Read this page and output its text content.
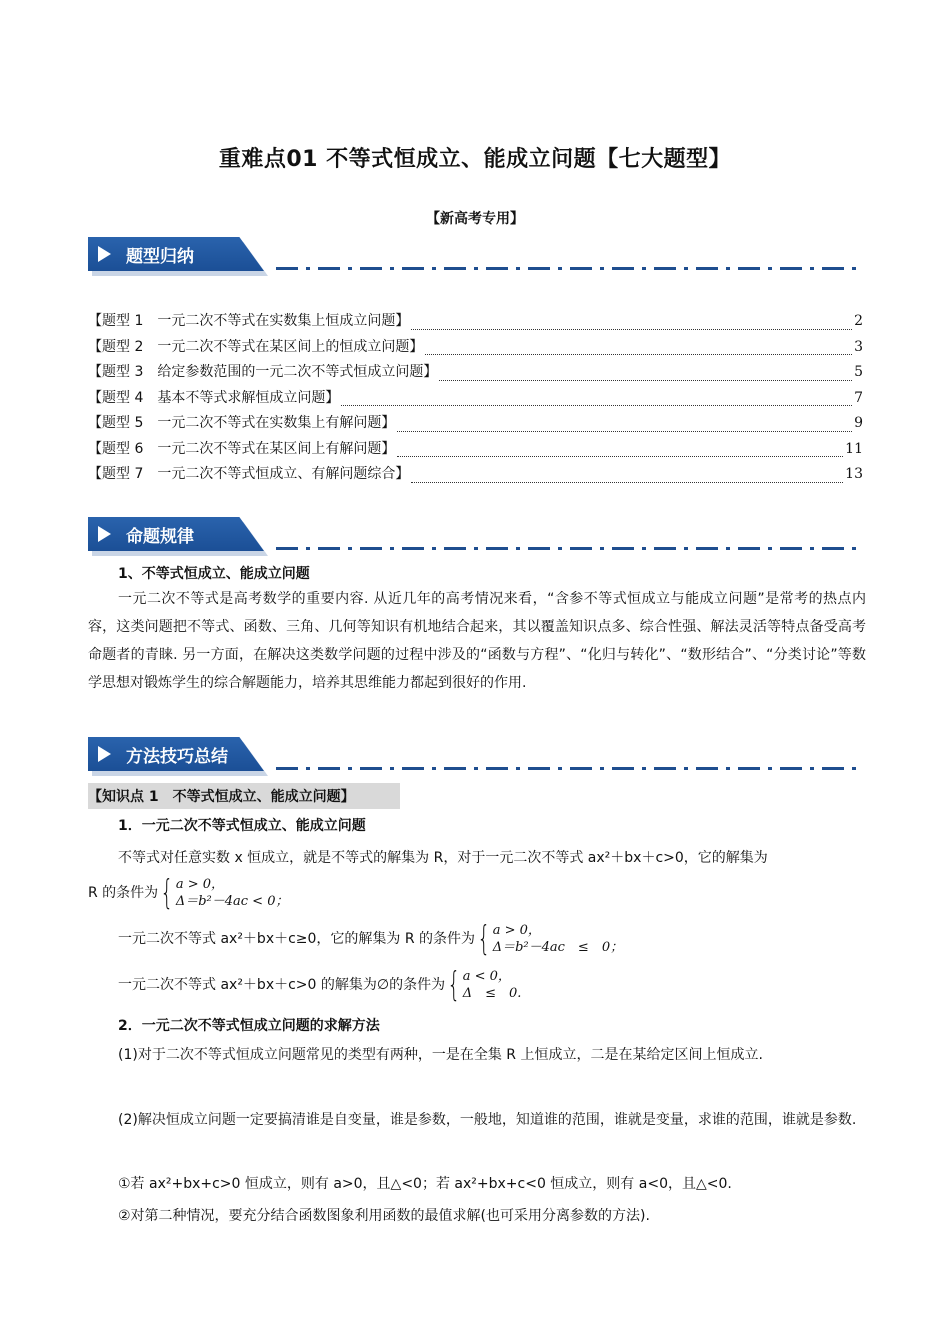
重难点01 不等式恒成立、能成立问题【七大题型】
【新高考专用】
题型归纳
【题型 1　一元二次不等式在实数集上恒成立问题】	2
【题型 2　一元二次不等式在某区间上的恒成立问题】	3
【题型 3　给定参数范围的一元二次不等式恒成立问题】	5
【题型 4　基本不等式求解恒成立问题】	7
【题型 5　一元二次不等式在实数集上有解问题】	9
【题型 6　一元二次不等式在某区间上有解问题】	11
【题型 7　一元二次不等式恒成立、有解问题综合】	13
命题规律
1、不等式恒成立、能成立问题
一元二次不等式是高考数学的重要内容. 从近几年的高考情况来看，“含参不等式恒成立与能成立问题”是常考的热点内容，这类问题把不等式、函数、三角、几何等知识有机地结合起来，其以覆盖知识点多、综合性强、解法灵活等特点备受高考命题者的青睐. 另一方面，在解决这类数学问题的过程中涉及的“函数与方程”、“化归与转化”、“数形结合”、“分类讨论”等数学思想对锻炼学生的综合解题能力，培养其思维能力都起到很好的作用.
方法技巧总结
【知识点 1　不等式恒成立、能成立问题】
1．一元二次不等式恒成立、能成立问题
不等式对任意实数 x 恒成立，就是不等式的解集为 R，对于一元二次不等式 ax²＋bx＋c>0，它的解集为
R 的条件为{ a > 0，
Δ＝b²－4ac < 0；
一元二次不等式 ax²＋bx＋c≥0，它的解集为 R 的条件为{ a > 0，
Δ＝b²－4ac　≤　0；
一元二次不等式 ax²＋bx＋c>0 的解集为∅的条件为{ a < 0，
Δ　≤　0.
2．一元二次不等式恒成立问题的求解方法
(1)对于二次不等式恒成立问题常见的类型有两种，一是在全集 R 上恒成立，二是在某给定区间上恒成立.
(2)解决恒成立问题一定要搞清谁是自变量，谁是参数，一般地，知道谁的范围，谁就是变量，求谁的范围，谁就是参数.
①若 ax²+bx+c>0 恒成立，则有 a>0，且△<0；若 ax²+bx+c<0 恒成立，则有 a<0，且△<0.
②对第二种情况，要充分结合函数图象利用函数的最值求解(也可采用分离参数的方法).
